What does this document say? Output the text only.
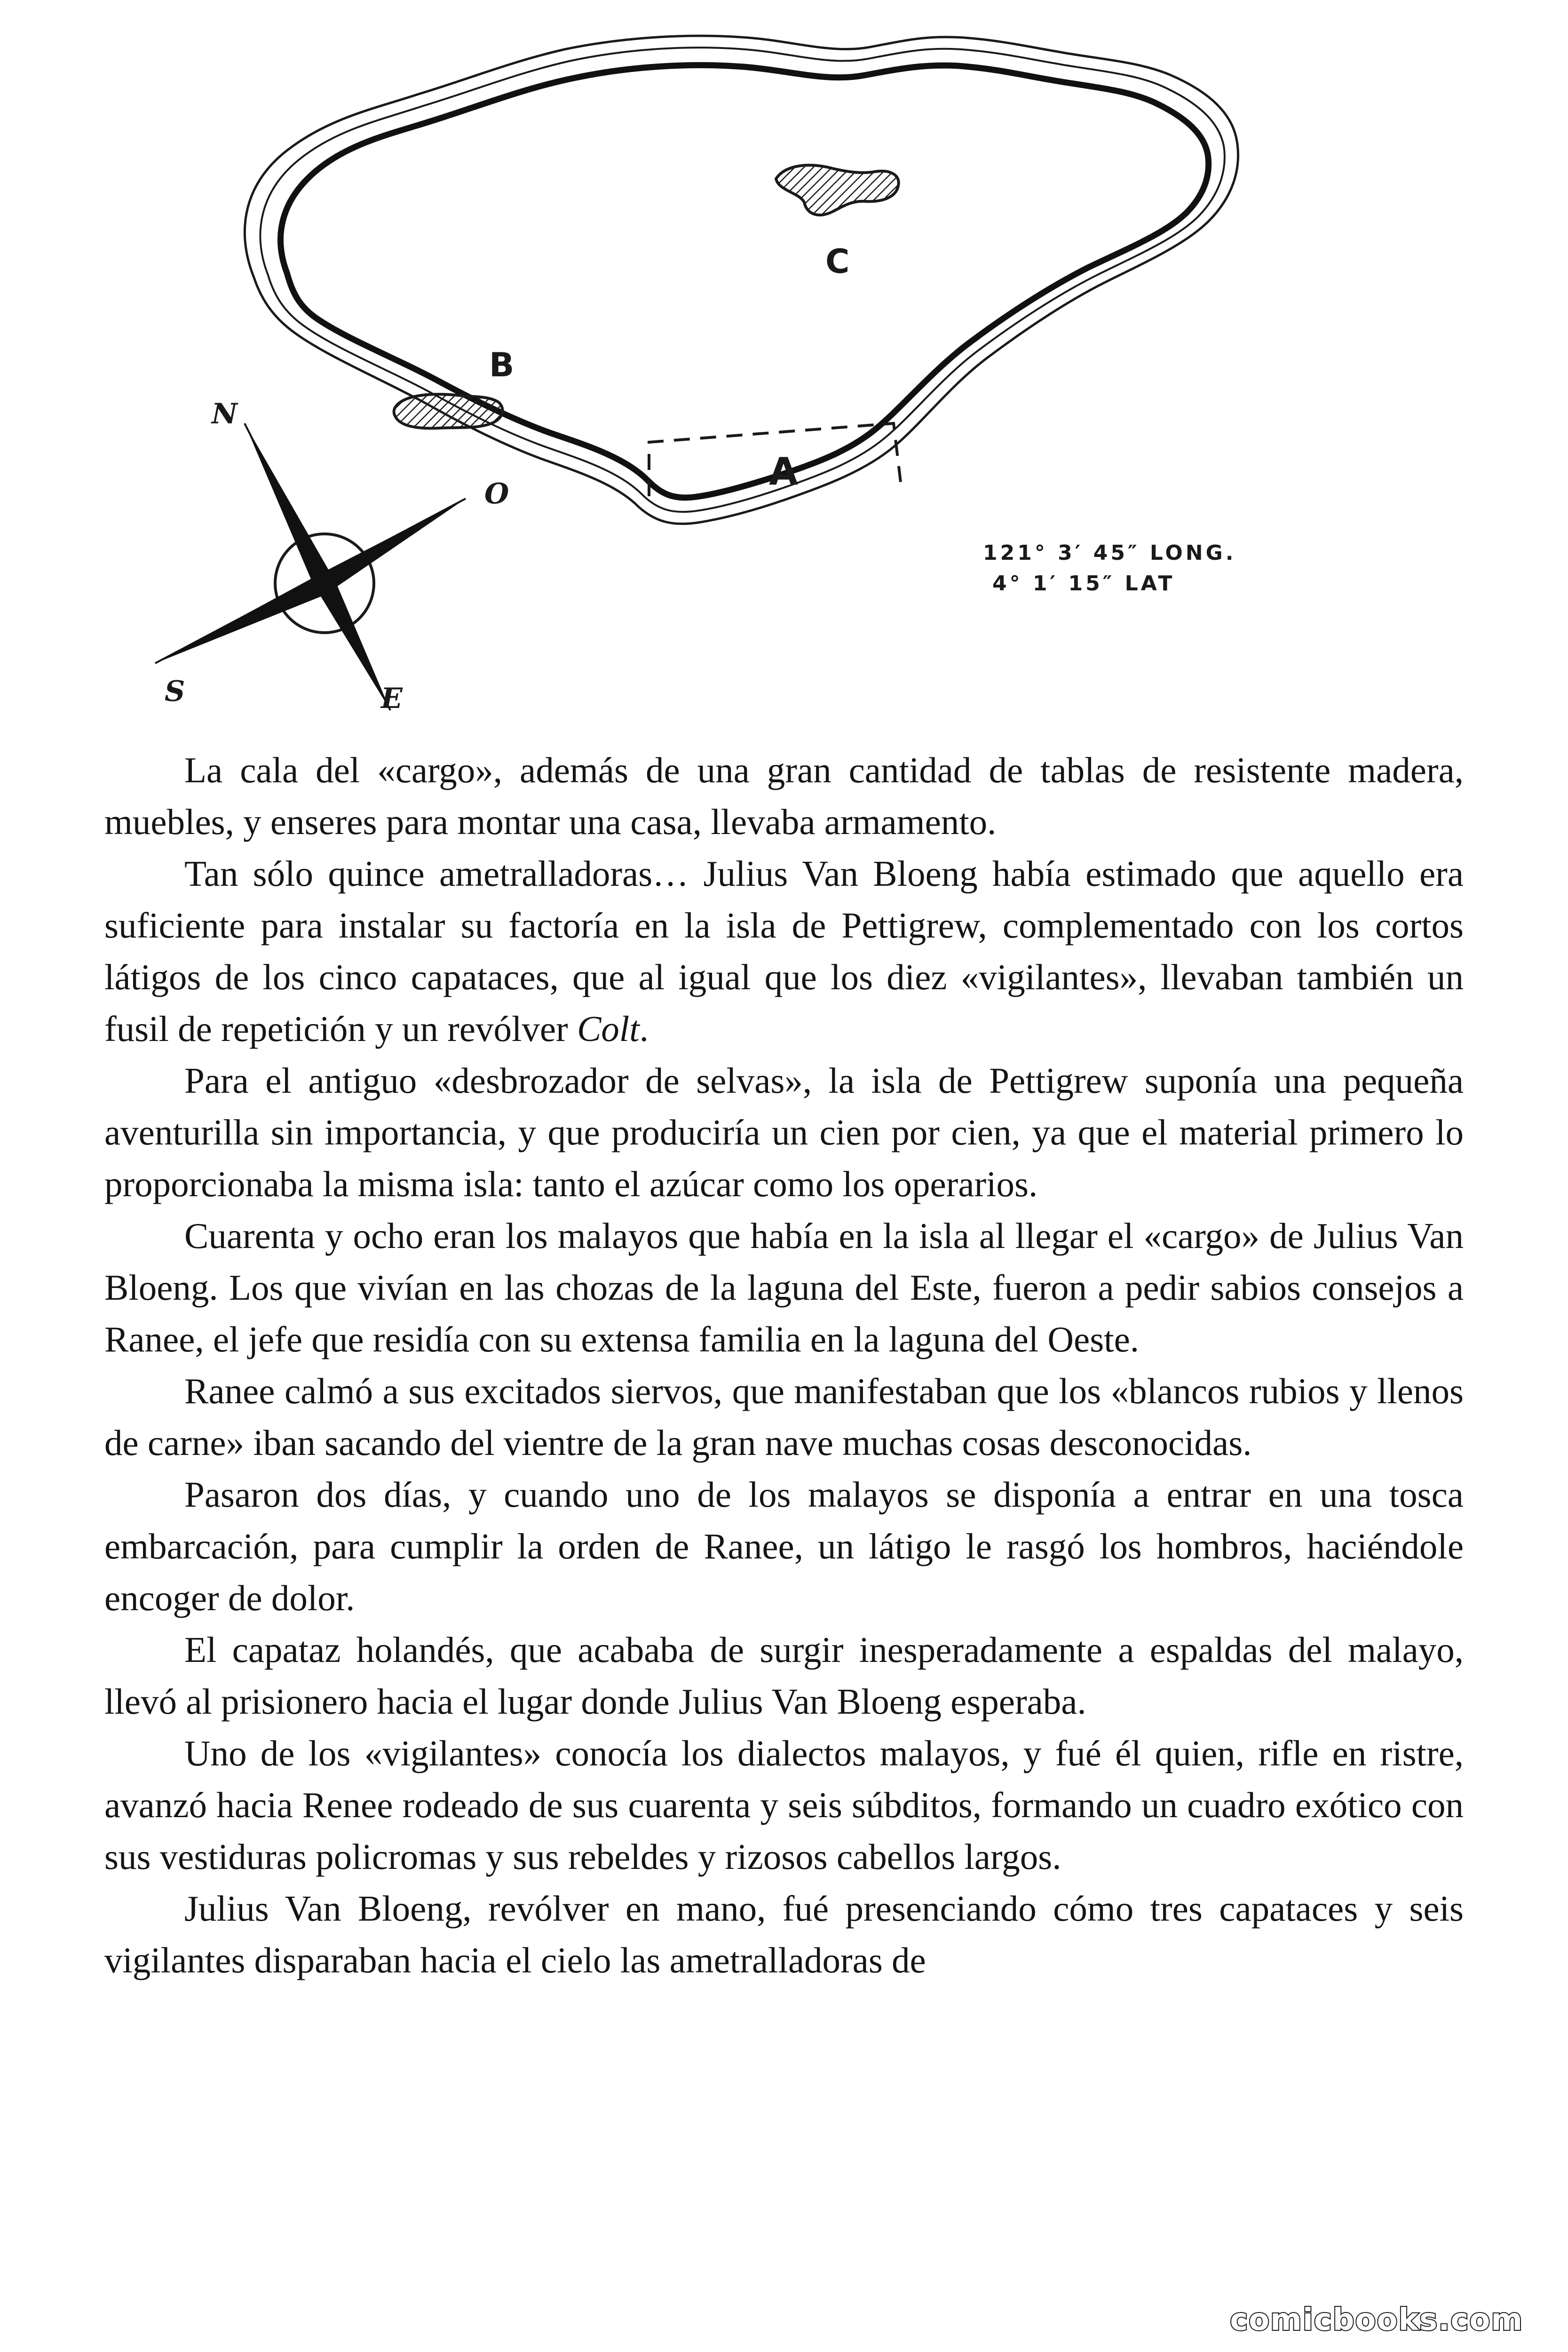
C
B
A
121° 3′ 45″ LONG.
4° 1′ 15″ LAT
N
O
S	E

La cala del «cargo», además de una gran cantidad de tablas de resistente madera, muebles, y enseres para montar una casa, llevaba armamento.

Tan sólo quince ametralladoras… Julius Van Bloeng había estimado que aquello era suficiente para instalar su factoría en la isla de Pettigrew, complementado con los cortos látigos de los cinco capataces, que al igual que los diez «vigilantes», llevaban también un fusil de repetición y un revólver Colt.

Para el antiguo «desbrozador de selvas», la isla de Pettigrew suponía una pequeña aventurilla sin importancia, y que produciría un cien por cien, ya que el material primero lo proporcionaba la misma isla: tanto el azúcar como los operarios.

Cuarenta y ocho eran los malayos que había en la isla al llegar el «cargo» de Julius Van Bloeng. Los que vivían en las chozas de la laguna del Este, fueron a pedir sabios consejos a Ranee, el jefe que residía con su extensa familia en la laguna del Oeste.

Ranee calmó a sus excitados siervos, que manifestaban que los «blancos rubios y llenos de carne» iban sacando del vientre de la gran nave muchas cosas desconocidas.

Pasaron dos días, y cuando uno de los malayos se disponía a entrar en una tosca embarcación, para cumplir la orden de Ranee, un látigo le rasgó los hombros, haciéndole encoger de dolor.

El capataz holandés, que acababa de surgir inesperadamente a espaldas del malayo, llevó al prisionero hacia el lugar donde Julius Van Bloeng esperaba.

Uno de los «vigilantes» conocía los dialectos malayos, y fué él quien, rifle en ristre, avanzó hacia Renee rodeado de sus cuarenta y seis súbditos, formando un cuadro exótico con sus vestiduras policromas y sus rebeldes y rizosos cabellos largos.

Julius Van Bloeng, revólver en mano, fué presenciando cómo tres capataces y seis vigilantes disparaban hacia el cielo las ametralladoras de

comicbooks.com
